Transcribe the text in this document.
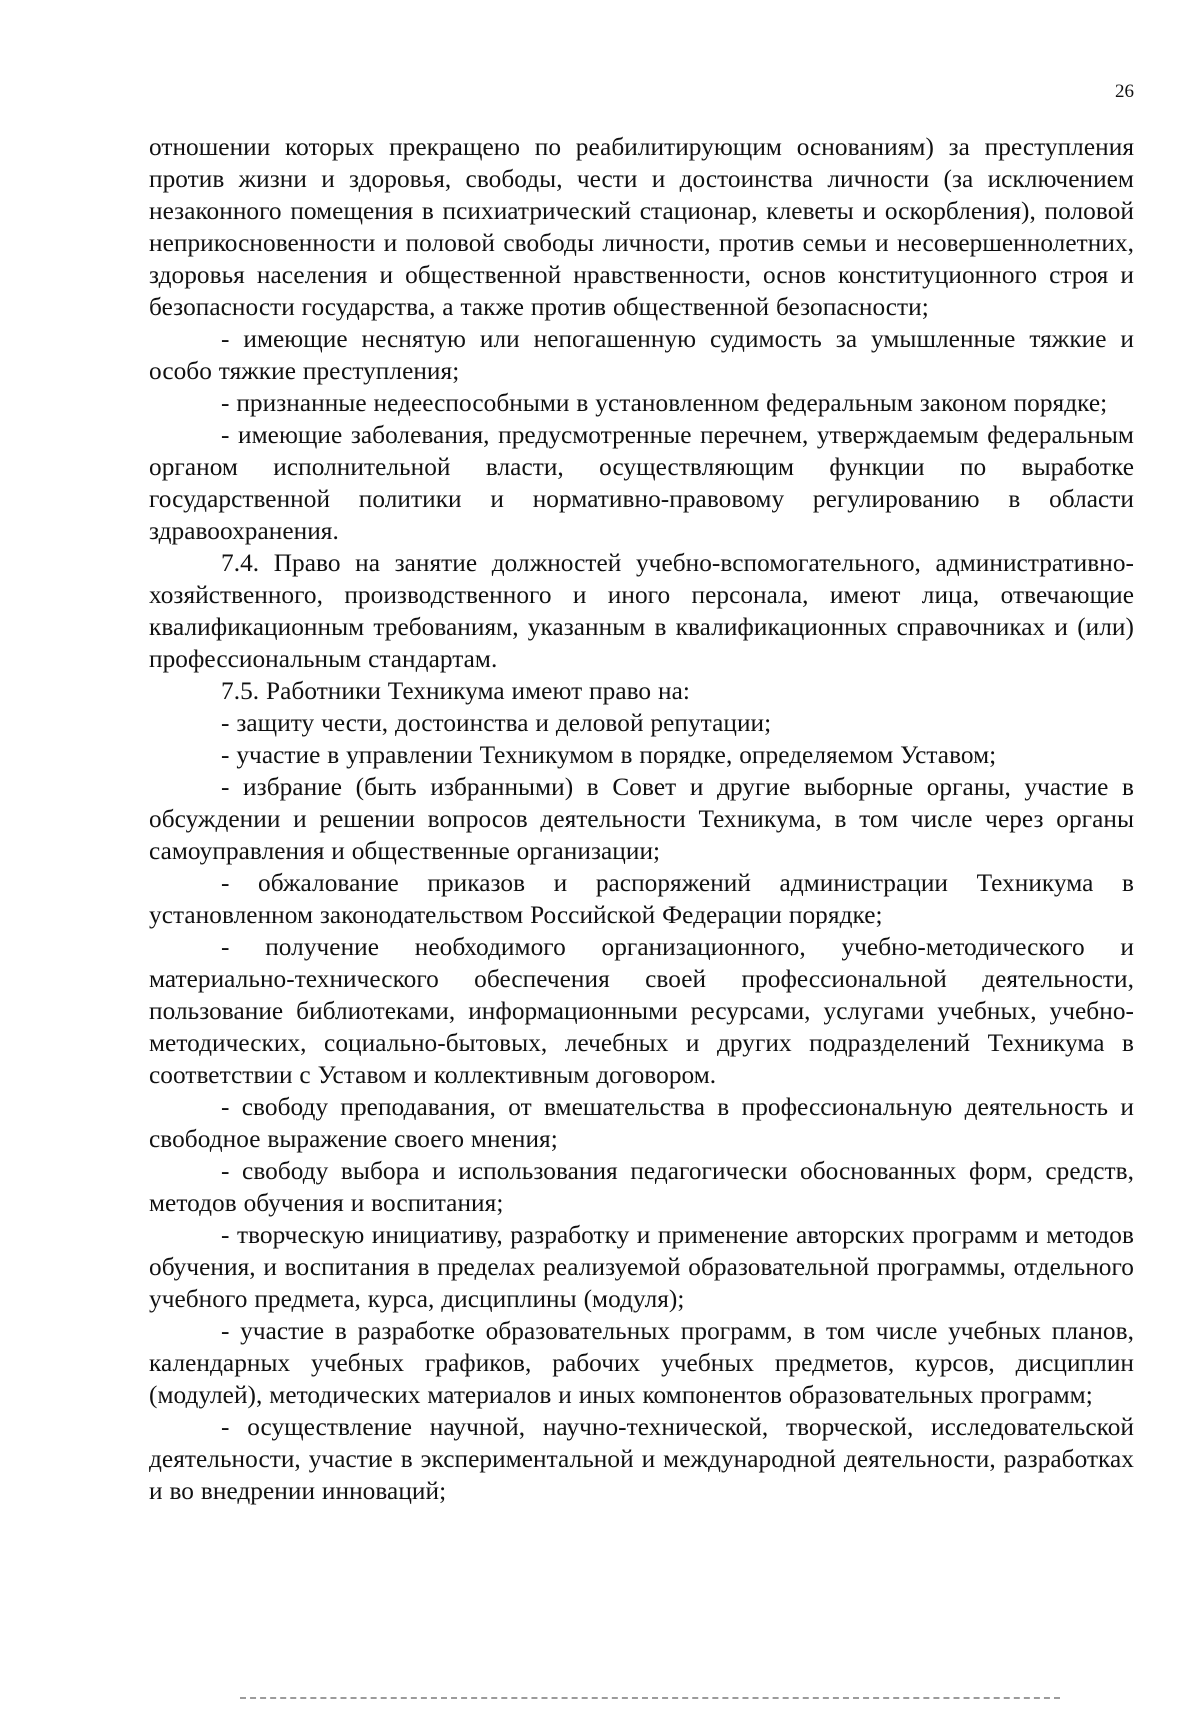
26

отношении которых прекращено по реабилитирующим основаниям) за преступления против жизни и здоровья, свободы, чести и достоинства личности (за исключением незаконного помещения в психиатрический стационар, клеветы и оскорбления), половой неприкосновенности и половой свободы личности, против семьи и несовершеннолетних, здоровья населения и общественной нравственности, основ конституционного строя и безопасности государства, а также против общественной безопасности;

- имеющие неснятую или непогашенную судимость за умышленные тяжкие и особо тяжкие преступления;

- признанные недееспособными в установленном федеральным законом порядке;

- имеющие заболевания, предусмотренные перечнем, утверждаемым федеральным органом исполнительной власти, осуществляющим функции по выработке государственной политики и нормативно-правовому регулированию в области здравоохранения.

7.4. Право на занятие должностей учебно-вспомогательного, административно-хозяйственного, производственного и иного персонала, имеют лица, отвечающие квалификационным требованиям, указанным в квалификационных справочниках и (или) профессиональным стандартам.

7.5. Работники Техникума имеют право на:

- защиту чести, достоинства и деловой репутации;

- участие в управлении Техникумом в порядке, определяемом Уставом;

- избрание (быть избранными) в Совет и другие выборные органы, участие в обсуждении и решении вопросов деятельности Техникума, в том числе через органы самоуправления и общественные организации;

- обжалование приказов и распоряжений администрации Техникума в установленном законодательством Российской Федерации порядке;

- получение необходимого организационного, учебно-методического и материально-технического обеспечения своей профессиональной деятельности, пользование библиотеками, информационными ресурсами, услугами учебных, учебно-методических, социально-бытовых, лечебных и других подразделений Техникума в соответствии с Уставом и коллективным договором.

- свободу преподавания, от вмешательства в профессиональную деятельность и свободное выражение своего мнения;

- свободу выбора и использования педагогически обоснованных форм, средств, методов обучения и воспитания;

- творческую инициативу, разработку и применение авторских программ и методов обучения, и воспитания в пределах реализуемой образовательной программы, отдельного учебного предмета, курса, дисциплины (модуля);

- участие в разработке образовательных программ, в том числе учебных планов, календарных учебных графиков, рабочих учебных предметов, курсов, дисциплин (модулей), методических материалов и иных компонентов образовательных программ;

- осуществление научной, научно-технической, творческой, исследовательской деятельности, участие в экспериментальной и международной деятельности, разработках и во внедрении инноваций;
